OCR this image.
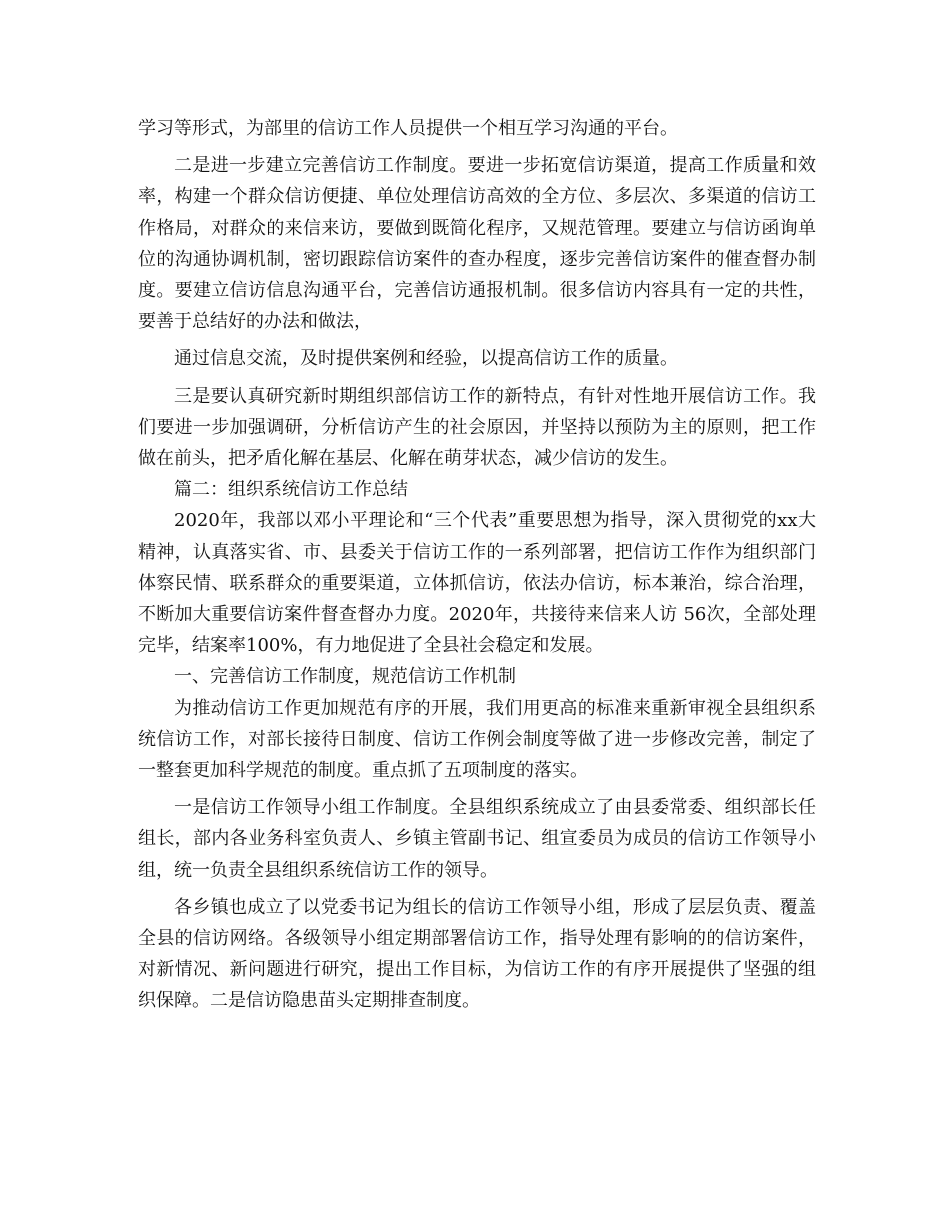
学习等形式，为部里的信访工作人员提供一个相互学习沟通的平台。

二是进一步建立完善信访工作制度。要进一步拓宽信访渠道，提高工作质量和效率，构建一个群众信访便捷、单位处理信访高效的全方位、多层次、多渠道的信访工作格局，对群众的来信来访，要做到既简化程序，又规范管理。要建立与信访函询单位的沟通协调机制，密切跟踪信访案件的查办程度，逐步完善信访案件的催查督办制度。要建立信访信息沟通平台，完善信访通报机制。很多信访内容具有一定的共性，要善于总结好的办法和做法，

通过信息交流，及时提供案例和经验，以提高信访工作的质量。

三是要认真研究新时期组织部信访工作的新特点，有针对性地开展信访工作。我们要进一步加强调研，分析信访产生的社会原因，并坚持以预防为主的原则，把工作做在前头，把矛盾化解在基层、化解在萌芽状态，减少信访的发生。

篇二：组织系统信访工作总结

2020年，我部以邓小平理论和“三个代表”重要思想为指导，深入贯彻党的xx大精神，认真落实省、市、县委关于信访工作的一系列部署，把信访工作作为组织部门体察民情、联系群众的重要渠道，立体抓信访，依法办信访，标本兼治，综合治理，不断加大重要信访案件督查督办力度。2020年，共接待来信来人访 56次，全部处理完毕，结案率100%，有力地促进了全县社会稳定和发展。

一、完善信访工作制度，规范信访工作机制

为推动信访工作更加规范有序的开展，我们用更高的标准来重新审视全县组织系统信访工作，对部长接待日制度、信访工作例会制度等做了进一步修改完善，制定了一整套更加科学规范的制度。重点抓了五项制度的落实。

一是信访工作领导小组工作制度。全县组织系统成立了由县委常委、组织部长任组长，部内各业务科室负责人、乡镇主管副书记、组宣委员为成员的信访工作领导小组，统一负责全县组织系统信访工作的领导。

各乡镇也成立了以党委书记为组长的信访工作领导小组，形成了层层负责、覆盖全县的信访网络。各级领导小组定期部署信访工作，指导处理有影响的的信访案件，对新情况、新问题进行研究，提出工作目标，为信访工作的有序开展提供了坚强的组织保障。二是信访隐患苗头定期排查制度。
